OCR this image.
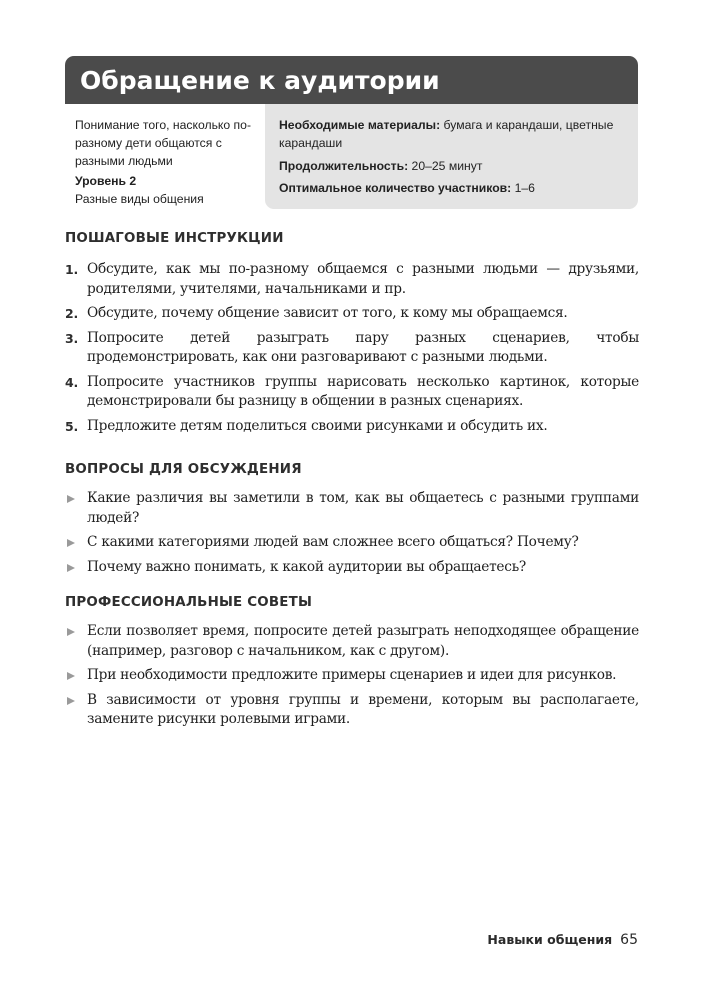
Обращение к аудитории
Понимание того, насколько по-разному дети общаются с разными людьми
Уровень 2
Разные виды общения
Необходимые материалы: бумага и карандаши, цветные карандаши
Продолжительность: 20–25 минут
Оптимальное количество участников: 1–6
ПОШАГОВЫЕ ИНСТРУКЦИИ
1. Обсудите, как мы по-разному общаемся с разными людьми — друзьями, родителями, учителями, начальниками и пр.
2. Обсудите, почему общение зависит от того, к кому мы обращаемся.
3. Попросите детей разыграть пару разных сценариев, чтобы продемонстрировать, как они разговаривают с разными людьми.
4. Попросите участников группы нарисовать несколько картинок, которые демонстрировали бы разницу в общении в разных сценариях.
5. Предложите детям поделиться своими рисунками и обсудить их.
ВОПРОСЫ ДЛЯ ОБСУЖДЕНИЯ
Какие различия вы заметили в том, как вы общаетесь с разными группами людей?
С какими категориями людей вам сложнее всего общаться? Почему?
Почему важно понимать, к какой аудитории вы обращаетесь?
ПРОФЕССИОНАЛЬНЫЕ СОВЕТЫ
Если позволяет время, попросите детей разыграть неподходящее обращение (например, разговор с начальником, как с другом).
При необходимости предложите примеры сценариев и идеи для рисунков.
В зависимости от уровня группы и времени, которым вы располагаете, замените рисунки ролевыми играми.
Навыки общения 65
